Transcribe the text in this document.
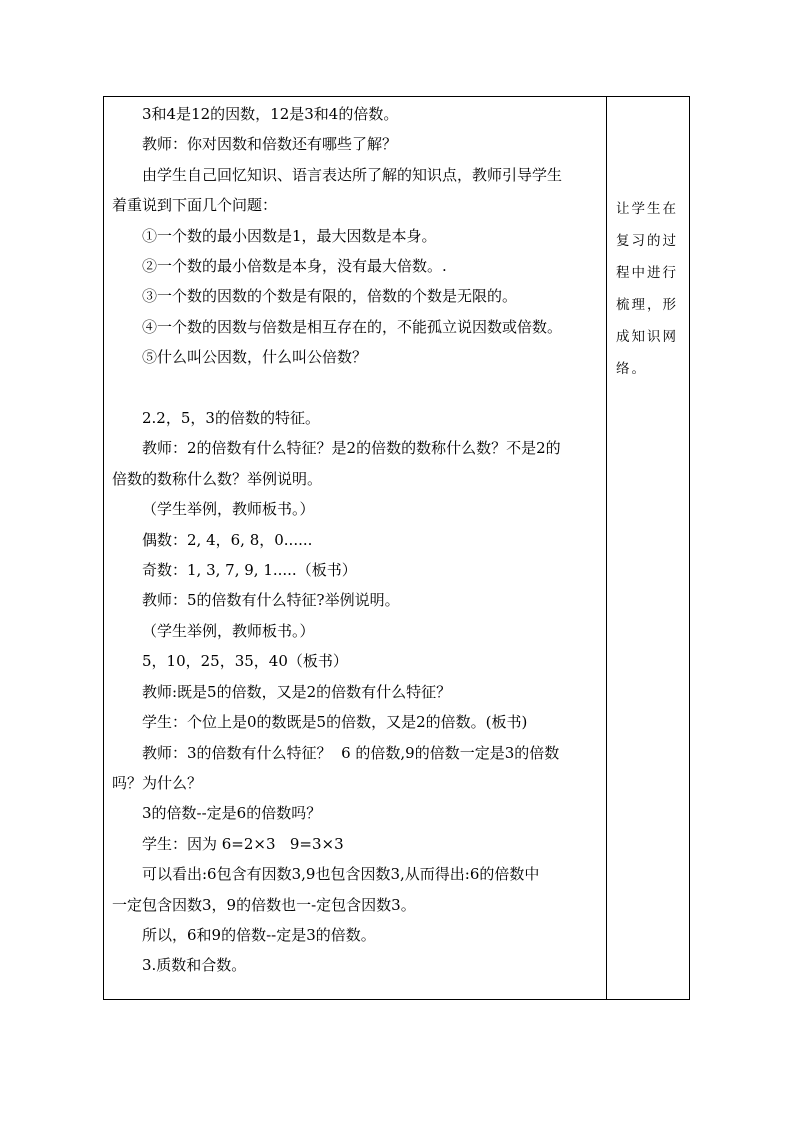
3和4是12的因数，12是3和4的倍数。
教师：你对因数和倍数还有哪些了解？
由学生自己回忆知识、语言表达所了解的知识点，教师引导学生
着重说到下面几个问题：
①一个数的最小因数是1，最大因数是本身。
②一个数的最小倍数是本身，没有最大倍数。.
③一个数的因数的个数是有限的，倍数的个数是无限的。
④一个数的因数与倍数是相互存在的，不能孤立说因数或倍数。
⑤什么叫公因数，什么叫公倍数？
2.2，5，3的倍数的特征。
教师：2的倍数有什么特征？是2的倍数的数称什么数？不是2的
倍数的数称什么数？举例说明。
（学生举例，教师板书。）
偶数：2, 4，6, 8，0......
奇数：1, 3, 7, 9, 1.....（板书）
教师：5的倍数有什么特征?举例说明。
（学生举例，教师板书。）
5，10，25，35，40（板书）
教师:既是5的倍数，又是2的倍数有什么特征？
学生：个位上是0的数既是5的倍数，又是2的倍数。(板书)
教师：3的倍数有什么特征？  6 的倍数,9的倍数一定是3的倍数
吗？为什么？
3的倍数--定是6的倍数吗？
学生：因为 6=2×3   9=3×3
可以看出:6包含有因数3,9也包含因数3,从而得出:6的倍数中
一定包含因数3，9的倍数也一-定包含因数3。
所以，6和9的倍数--定是3的倍数。
3.质数和合数。
让学生在
复习的过
程中进行
梳理，形
成知识网
络。
